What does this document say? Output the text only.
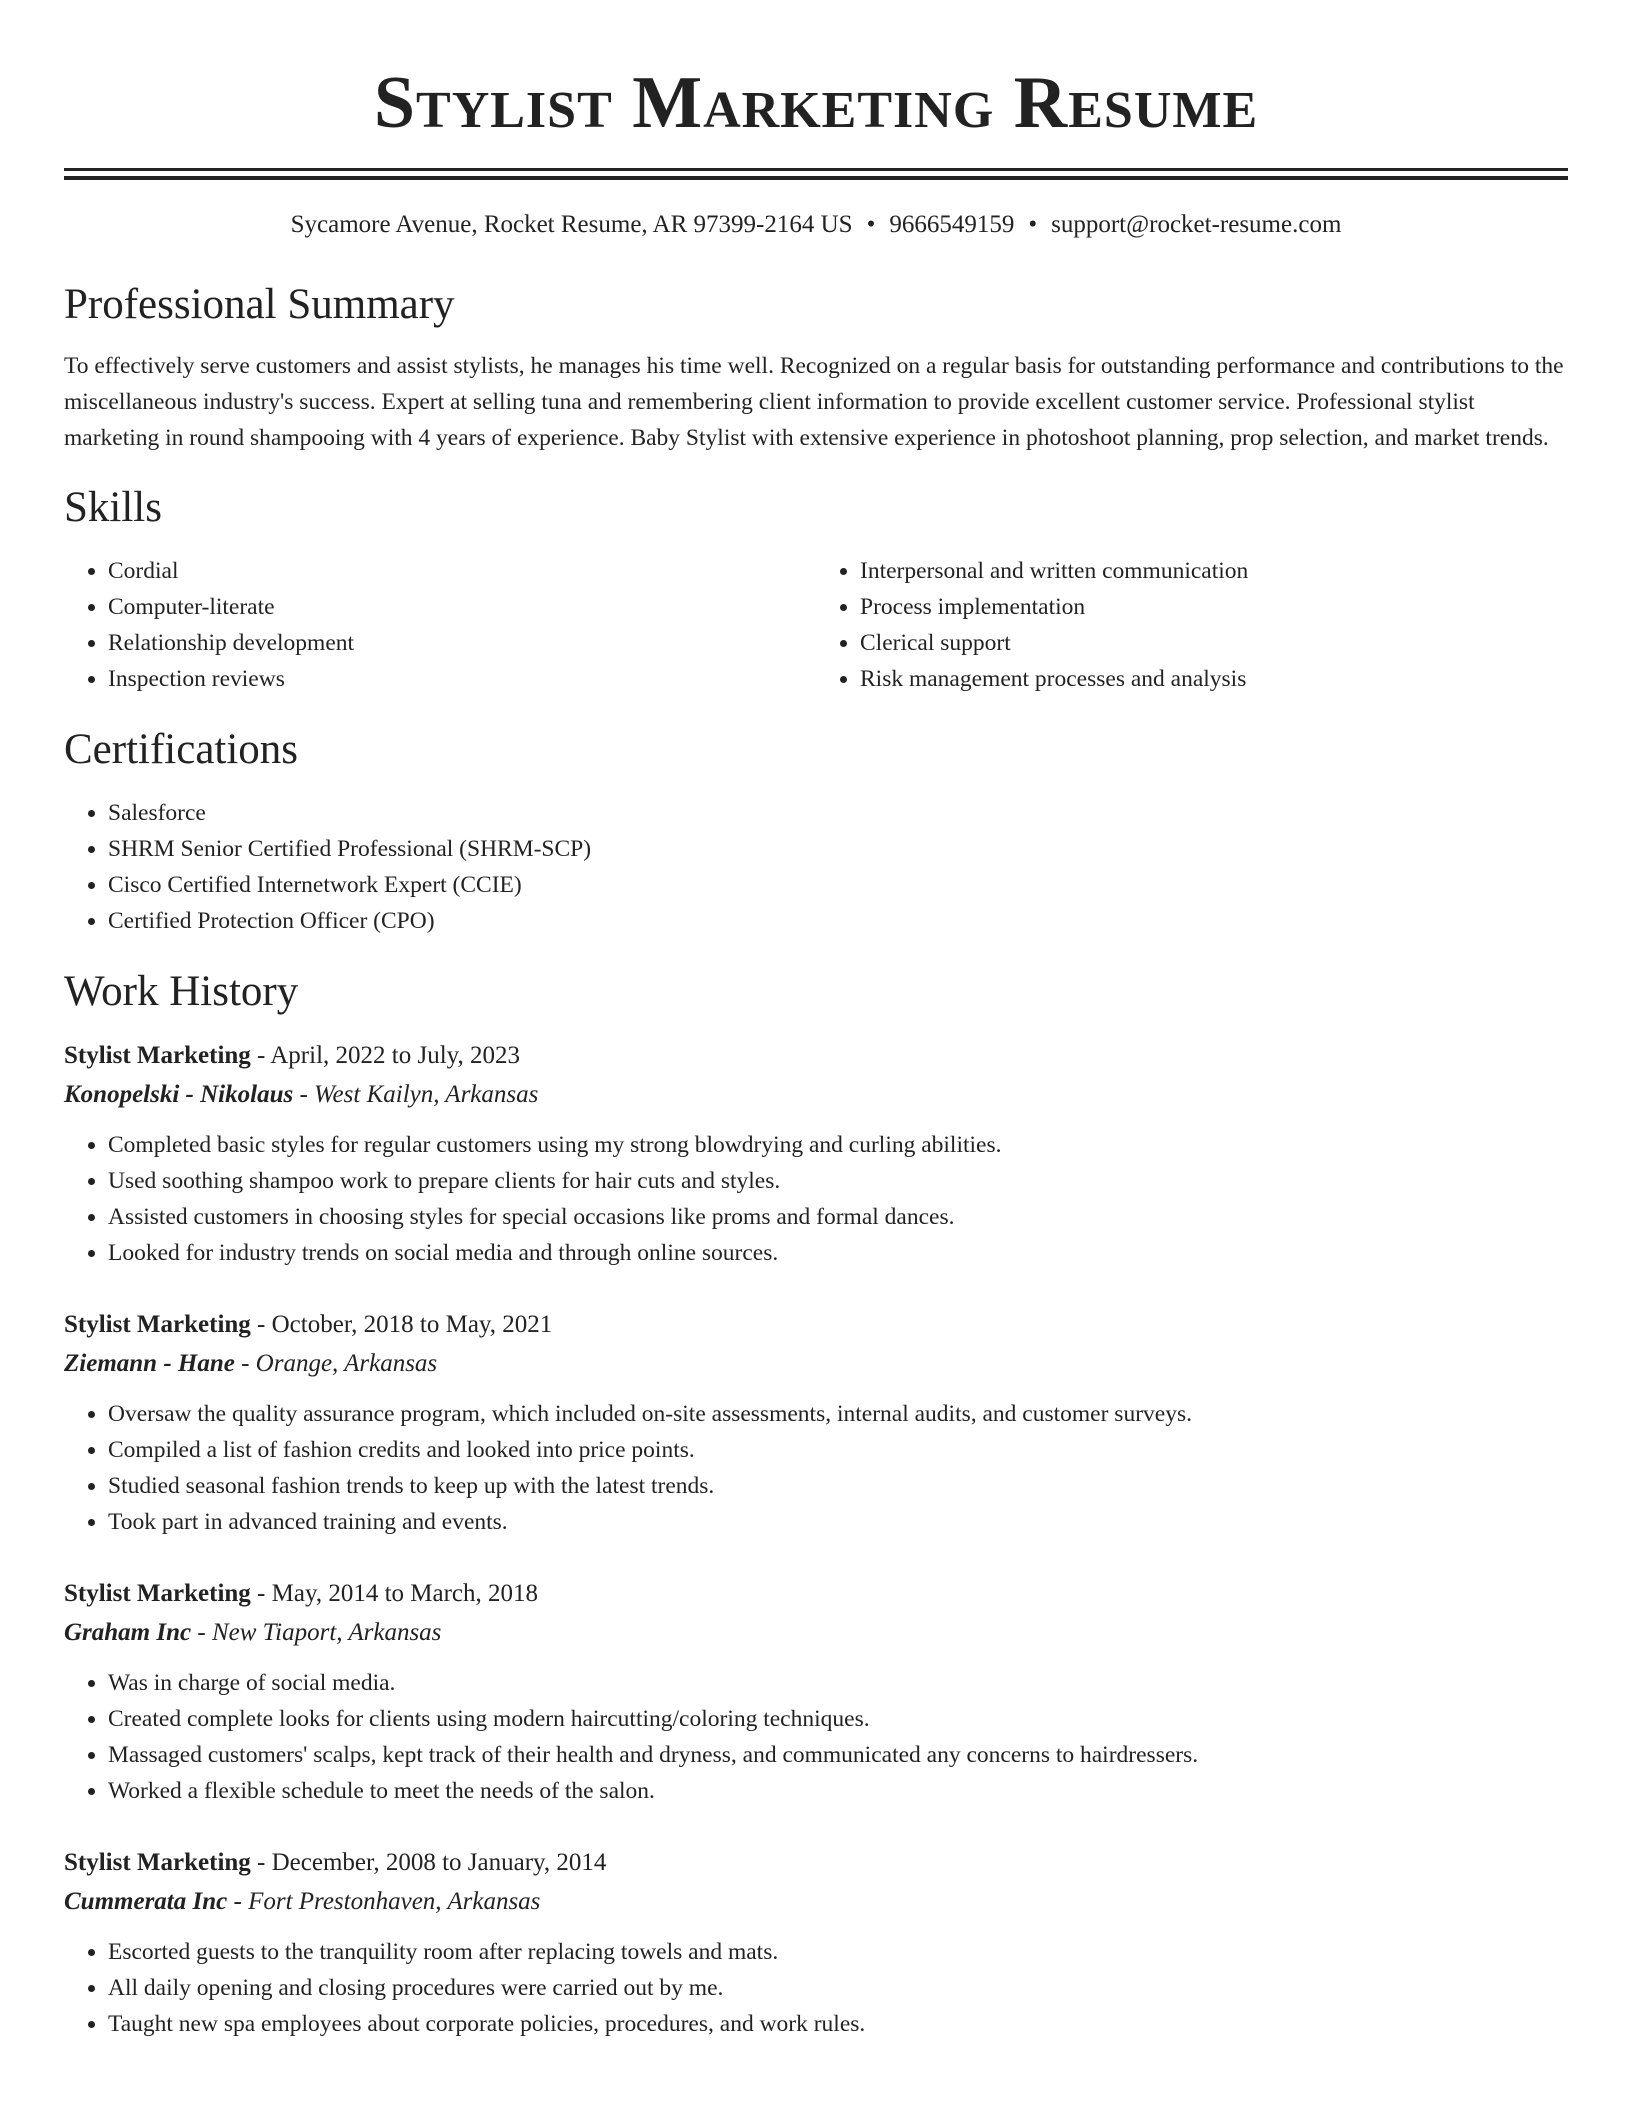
Stylist Marketing Resume
Sycamore Avenue, Rocket Resume, AR 97399-2164 US • 9666549159 • support@rocket-resume.com
Professional Summary

To effectively serve customers and assist stylists, he manages his time well. Recognized on a regular basis for outstanding performance and contributions to the miscellaneous industry's success. Expert at selling tuna and remembering client information to provide excellent customer service. Professional stylist marketing in round shampooing with 4 years of experience. Baby Stylist with extensive experience in photoshoot planning, prop selection, and market trends.

Skills
• Cordial
• Computer-literate
• Relationship development
• Inspection reviews
• Interpersonal and written communication
• Process implementation
• Clerical support
• Risk management processes and analysis
Certifications
• Salesforce
• SHRM Senior Certified Professional (SHRM-SCP)
• Cisco Certified Internetwork Expert (CCIE)
• Certified Protection Officer (CPO)
Work History
Stylist Marketing - April, 2022 to July, 2023
Konopelski - Nikolaus - West Kailyn, Arkansas
• Completed basic styles for regular customers using my strong blowdrying and curling abilities.
• Used soothing shampoo work to prepare clients for hair cuts and styles.
• Assisted customers in choosing styles for special occasions like proms and formal dances.
• Looked for industry trends on social media and through online sources.
Stylist Marketing - October, 2018 to May, 2021
Ziemann - Hane - Orange, Arkansas
• Oversaw the quality assurance program, which included on-site assessments, internal audits, and customer surveys.
• Compiled a list of fashion credits and looked into price points.
• Studied seasonal fashion trends to keep up with the latest trends.
• Took part in advanced training and events.
Stylist Marketing - May, 2014 to March, 2018
Graham Inc - New Tiaport, Arkansas
• Was in charge of social media.
• Created complete looks for clients using modern haircutting/coloring techniques.
• Massaged customers' scalps, kept track of their health and dryness, and communicated any concerns to hairdressers.
• Worked a flexible schedule to meet the needs of the salon.
Stylist Marketing - December, 2008 to January, 2014
Cummerata Inc - Fort Prestonhaven, Arkansas
• Escorted guests to the tranquility room after replacing towels and mats.
• All daily opening and closing procedures were carried out by me.
• Taught new spa employees about corporate policies, procedures, and work rules.
